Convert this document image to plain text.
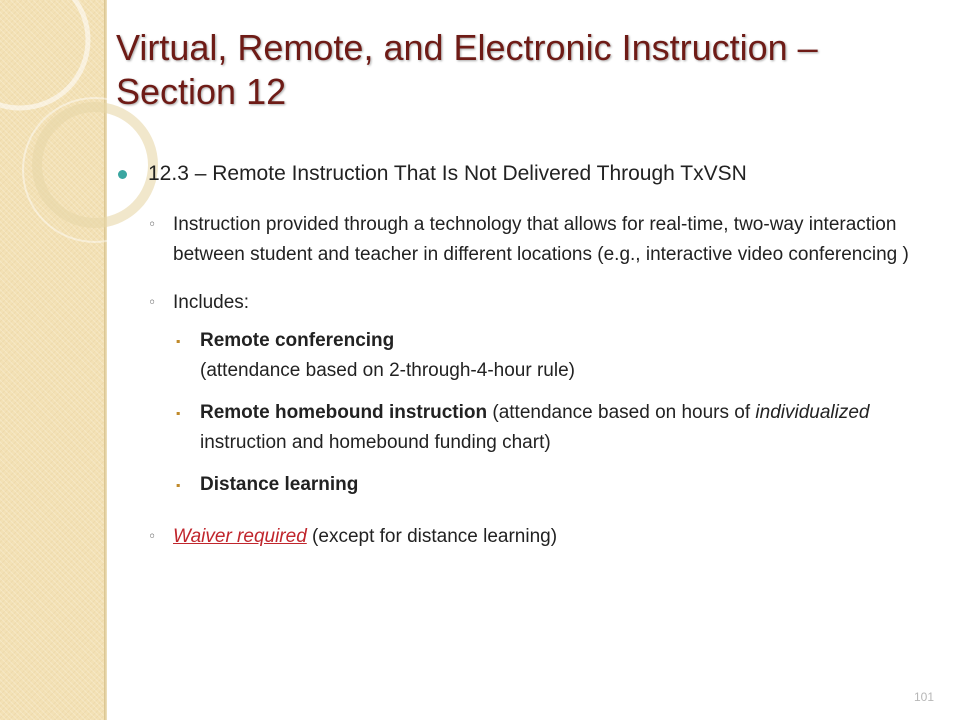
Virtual, Remote, and Electronic Instruction – Section 12
12.3 – Remote Instruction That Is Not Delivered Through TxVSN
◦ Instruction provided through a technology that allows for real-time, two-way interaction between student and teacher in different locations (e.g., interactive video conferencing )
◦ Includes:
⬝ Remote conferencing
(attendance based on 2-through-4-hour rule)
⬝ Remote homebound instruction (attendance based on hours of individualized instruction and homebound funding chart)
⬝ Distance learning
◦ Waiver required (except for distance learning)
101
